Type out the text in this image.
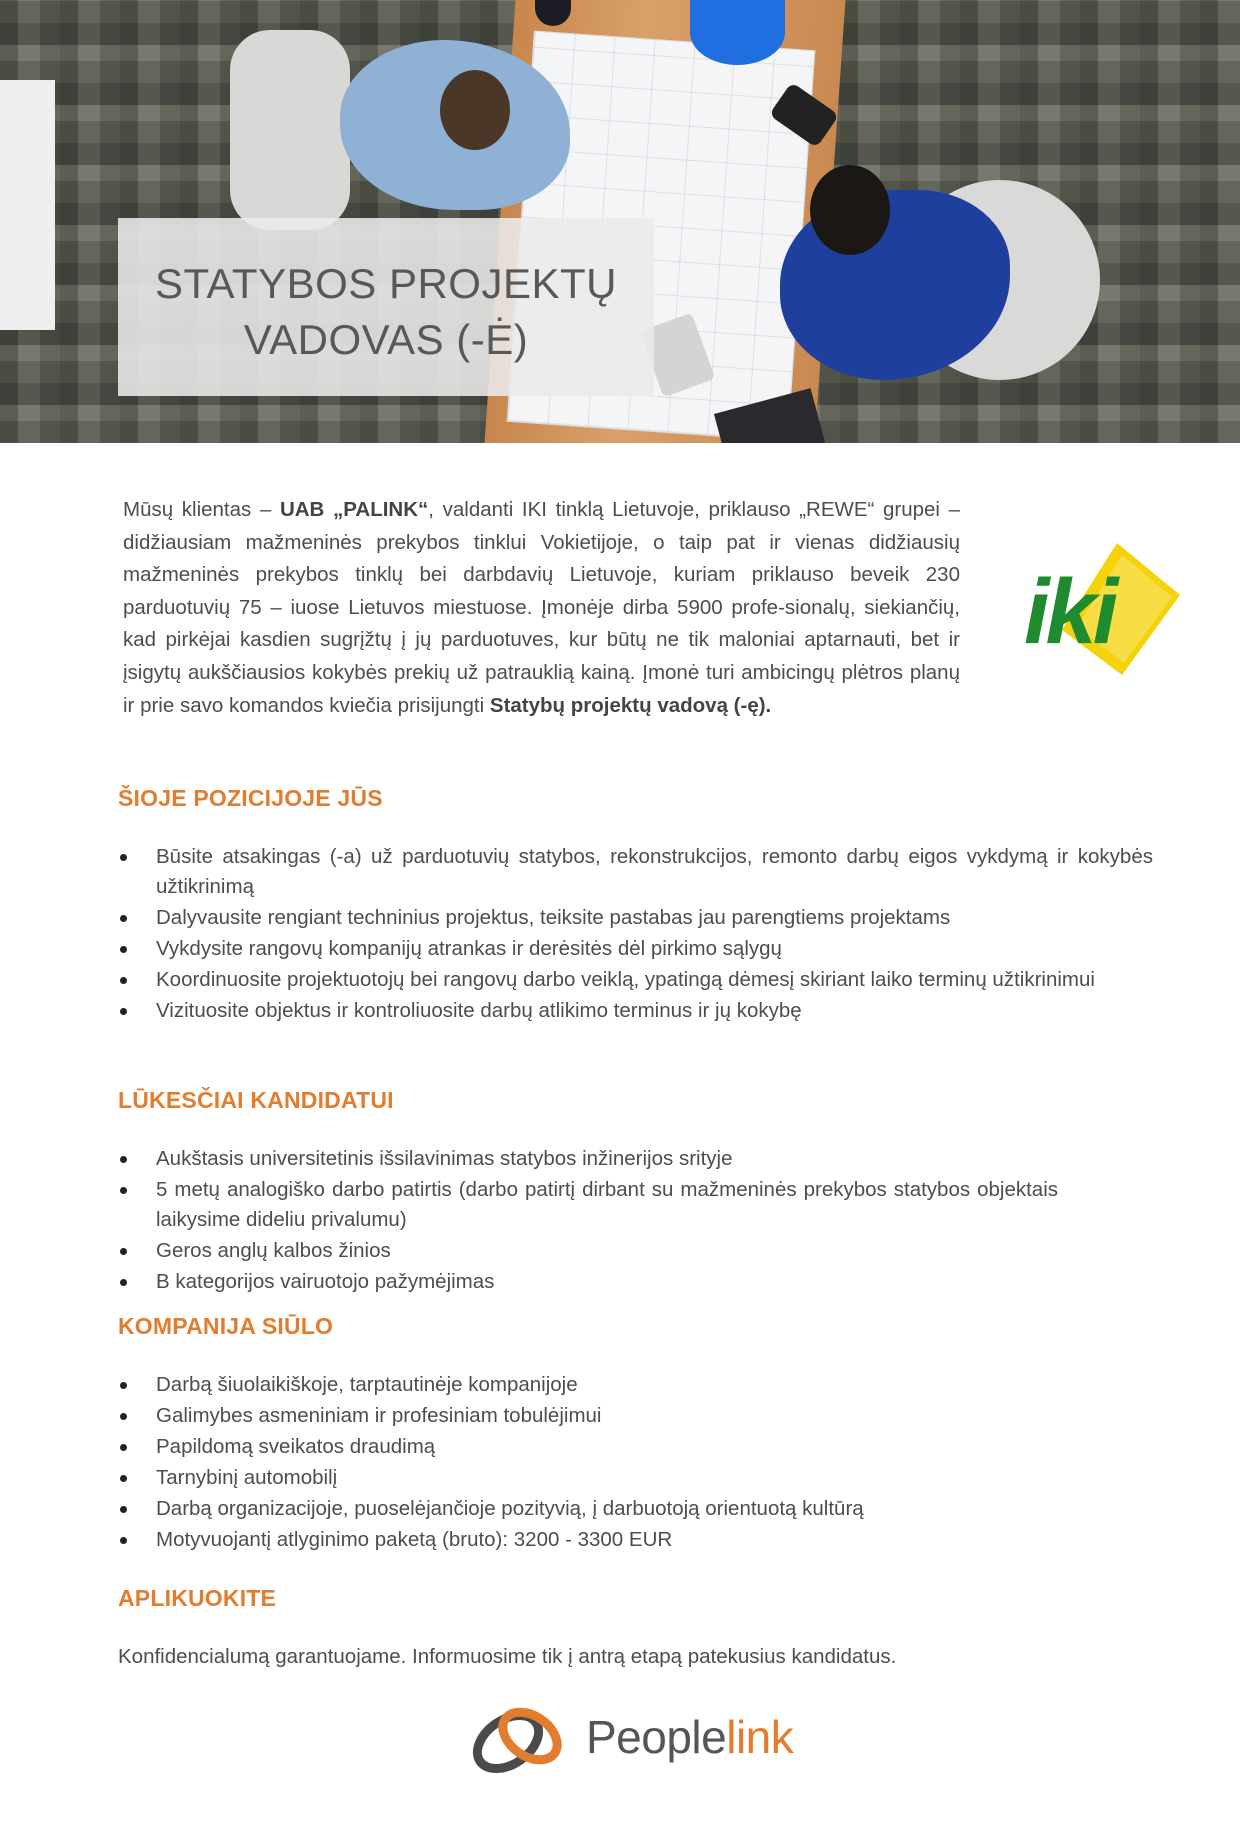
STATYBOS PROJEKTŲ
VADOVAS (-Ė)
Mūsų klientas – UAB „PALINK“, valdanti IKI tinklą Lietuvoje, priklauso „REWE“ grupei – didžiausiam mažmeninės prekybos tinklui Vokietijoje, o taip pat ir vienas didžiausių mažmeninės prekybos tinklų bei darbdavių Lietuvoje, kuriam priklauso beveik 230 parduotuvių 75 – iuose Lietuvos miestuose. Įmonėje dirba 5900 profe-sionalų, siekiančių, kad pirkėjai kasdien sugrįžtų į jų parduotuves, kur būtų ne tik maloniai aptarnauti, bet ir įsigytų aukščiausios kokybės prekių už patrauklią kainą. Įmonė turi ambicingų plėtros planų ir prie savo komandos kviečia prisijungti Statybų projektų vadovą (-ę).
iki
ŠIOJE POZICIJOJE JŪS
Būsite atsakingas (-a) už parduotuvių statybos, rekonstrukcijos, remonto darbų eigos vykdymą ir kokybės užtikrinimą
Dalyvausite rengiant techninius projektus, teiksite pastabas jau parengtiems projektams
Vykdysite rangovų kompanijų atrankas ir derėsitės dėl pirkimo sąlygų
Koordinuosite projektuotojų bei rangovų darbo veiklą, ypatingą dėmesį skiriant laiko terminų užtikrinimui
Vizituosite objektus ir kontroliuosite darbų atlikimo terminus ir jų kokybę
LŪKESČIAI KANDIDATUI
Aukštasis universitetinis išsilavinimas statybos inžinerijos srityje
5 metų analogiško darbo patirtis (darbo patirtį dirbant su mažmeninės prekybos statybos objektais laikysime dideliu privalumu)
Geros anglų kalbos žinios
B kategorijos vairuotojo pažymėjimas
KOMPANIJA SIŪLO
Darbą šiuolaikiškoje, tarptautinėje kompanijoje
Galimybes asmeniniam ir profesiniam tobulėjimui
Papildomą sveikatos draudimą
Tarnybinį automobilį
Darbą organizacijoje, puoselėjančioje pozityvią, į darbuotoją orientuotą kultūrą
Motyvuojantį atlyginimo paketą (bruto): 3200 - 3300 EUR
APLIKUOKITE

Konfidencialumą garantuojame. Informuosime tik į antrą etapą patekusius kandidatus.

Peoplelink
